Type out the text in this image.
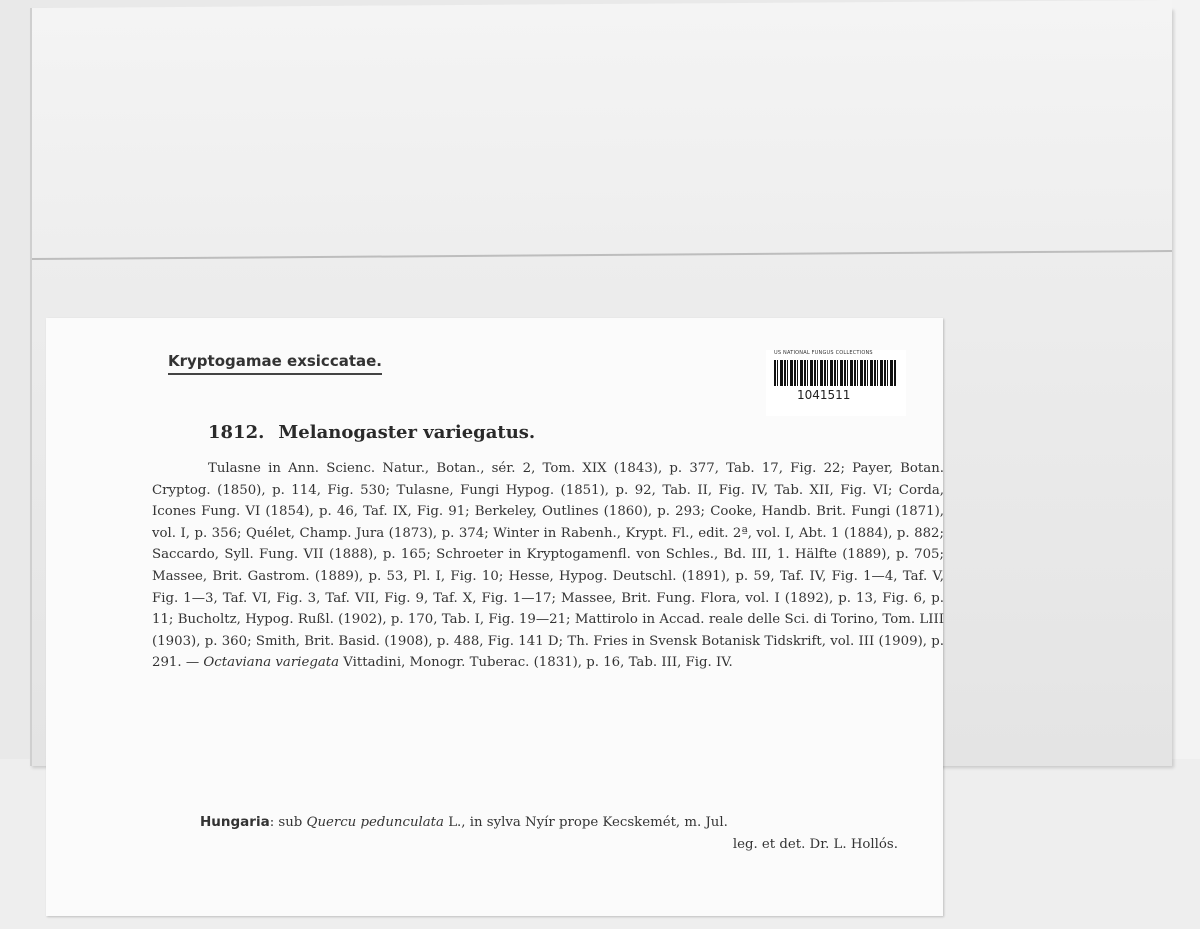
Kryptogamae exsiccatae.	US NATIONAL FUNGUS COLLECTIONS
1041511
1812. Melanogaster variegatus.
Tulasne in Ann. Scienc. Natur., Botan., sér. 2, Tom. XIX (1843), p. 377, Tab. 17, Fig. 22; Payer, Botan. Cryptog. (1850), p. 114, Fig. 530; Tulasne, Fungi Hypog. (1851), p. 92, Tab. II, Fig. IV, Tab. XII, Fig. VI; Corda, Icones Fung. VI (1854), p. 46, Taf. IX, Fig. 91; Berkeley, Outlines (1860), p. 293; Cooke, Handb. Brit. Fungi (1871), vol. I, p. 356; Quélet, Champ. Jura (1873), p. 374; Winter in Rabenh., Krypt. Fl., edit. 2ª, vol. I, Abt. 1 (1884), p. 882; Saccardo, Syll. Fung. VII (1888), p. 165; Schroeter in Kryptogamenfl. von Schles., Bd. III, 1. Hälfte (1889), p. 705; Massee, Brit. Gastrom. (1889), p. 53, Pl. I, Fig. 10; Hesse, Hypog. Deutschl. (1891), p. 59, Taf. IV, Fig. 1—4, Taf. V, Fig. 1—3, Taf. VI, Fig. 3, Taf. VII, Fig. 9, Taf. X, Fig. 1—17; Massee, Brit. Fung. Flora, vol. I (1892), p. 13, Fig. 6, p. 11; Bucholtz, Hypog. Rußl. (1902), p. 170, Tab. I, Fig. 19—21; Mattirolo in Accad. reale delle Sci. di Torino, Tom. LIII (1903), p. 360; Smith, Brit. Basid. (1908), p. 488, Fig. 141 D; Th. Fries in Svensk Botanisk Tidskrift, vol. III (1909), p. 291. — Octaviana variegata Vittadini, Monogr. Tuberac. (1831), p. 16, Tab. III, Fig. IV.
Hungaria: sub Quercu pedunculata L., in sylva Nyír prope Kecskemét, m. Jul.
leg. et det. Dr. L. Hollós.
